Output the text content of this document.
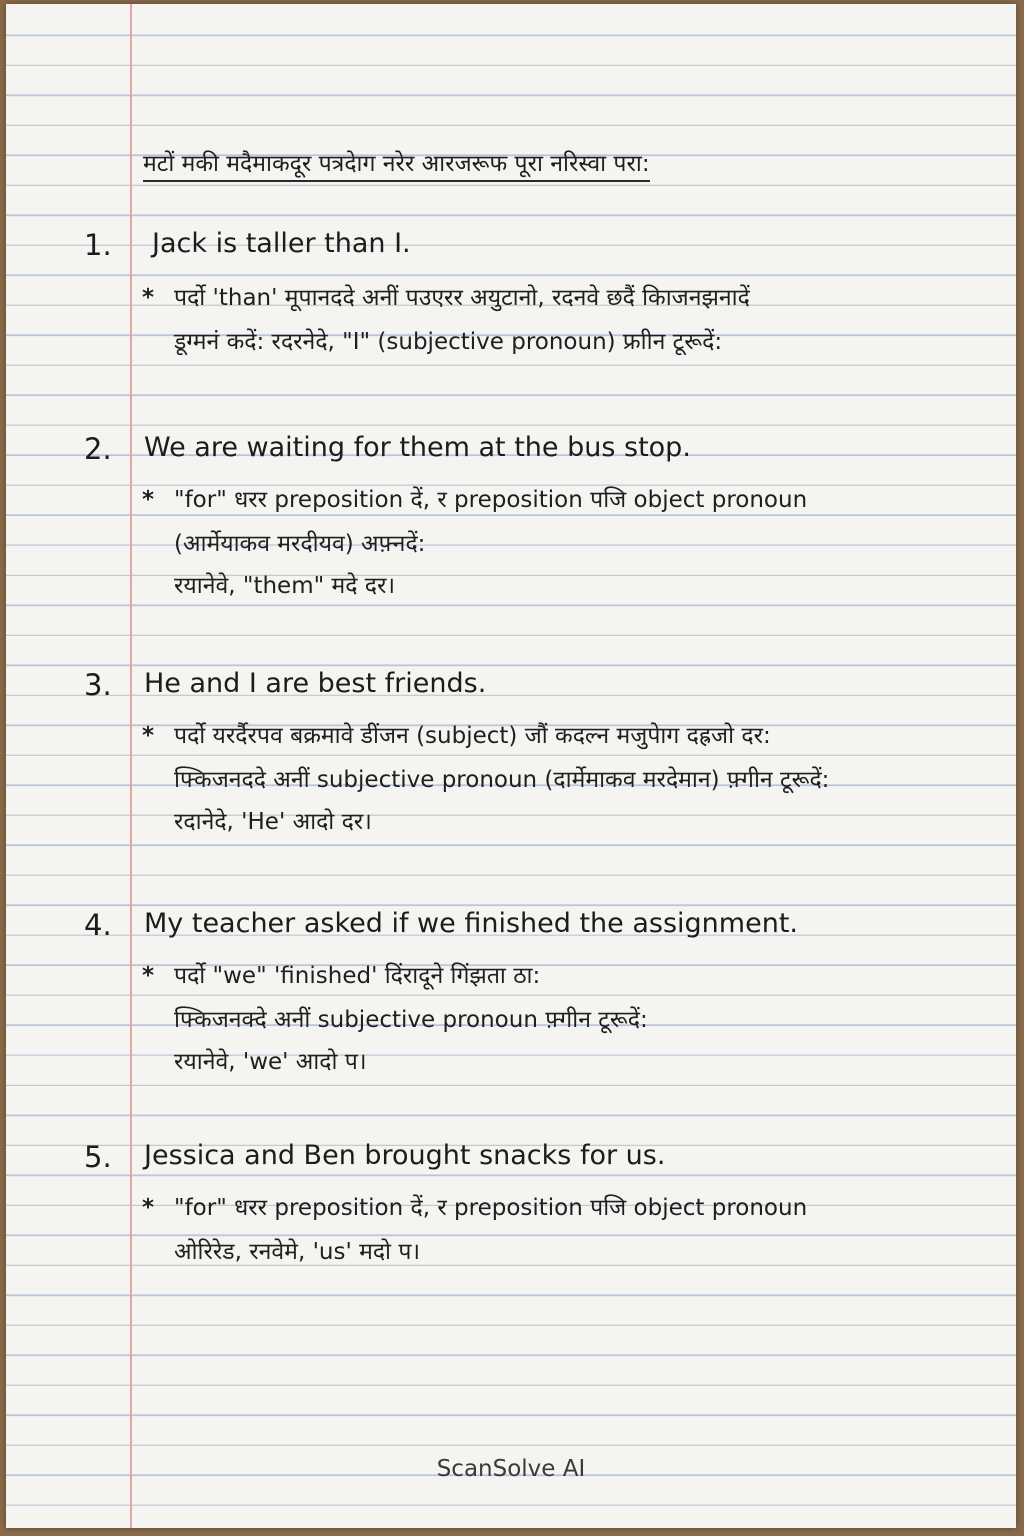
मटों मकी मदैमाकदूर पत्रदेाग नरेर आरजरूफ पूरा नरिस्वा परा:
1. Jack is taller than I.
* पर्दो 'than' मूपानददे अनीं पउएरर अयुटानो, रदनवे छदैं किाजनझनादें
डूग्मनं कदें: रदरनेदे, "I" (subjective pronoun) फ्राीन टूरूदें:
2. We are waiting for them at the bus stop.
* "for" धरर preposition दें, र preposition पजि object pronoun
(आर्मेयाकव मरदीयव) अफ़्नदें:
रयानेवे, "them" मदे दर।
3. He and I are best friends.
* पर्दो यरर्दैरपव बक्रमावे डींजन (subject) जौं कदल्न मजुपेाग दह्रजो दर:
फ्किजनददे अनीं subjective pronoun (दार्मेमाकव मरदेमान) फ़्गीन टूरूदें:
रदानेदे, 'He' आदो दर।
4. My teacher asked if we finished the assignment.
* पर्दो "we" 'finished' दिंरादूने गिंझता ठा:
फ्किजनक्दे अनीं subjective pronoun फ़्गीन टूरूदें:
रयानेवे, 'we' आदो प।
5. Jessica and Ben brought snacks for us.
* "for" धरर preposition दें, र preposition पजि object pronoun
ओरिरेड, रनवेमे, 'us' मदो प।
ScanSolve AI
